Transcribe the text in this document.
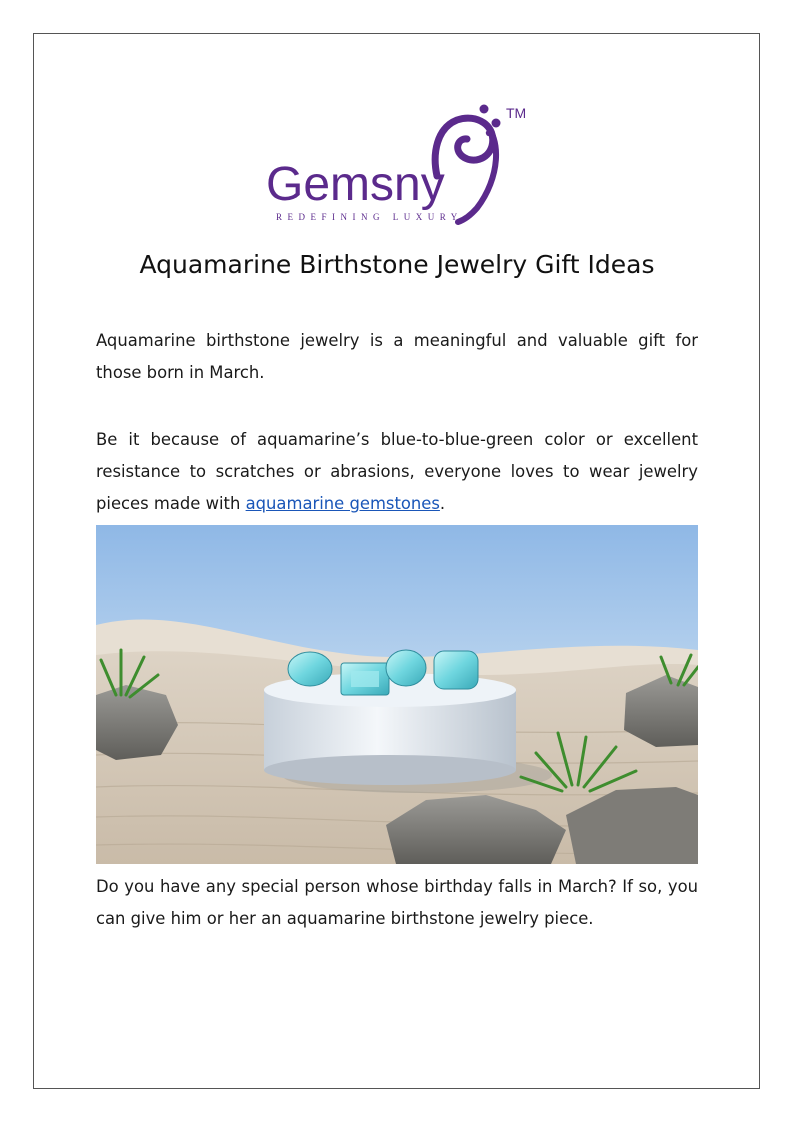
Gemsny
REDEFINING LUXURY
TM
Aquamarine Birthstone Jewelry Gift Ideas

Aquamarine birthstone jewelry is a meaningful and valuable gift for those born in March.

Be it because of aquamarine’s blue-to-blue-green color or excellent resistance to scratches or abrasions, everyone loves to wear jewelry pieces made with aquamarine gemstones.

Do you have any special person whose birthday falls in March? If so, you can give him or her an aquamarine birthstone jewelry piece.
